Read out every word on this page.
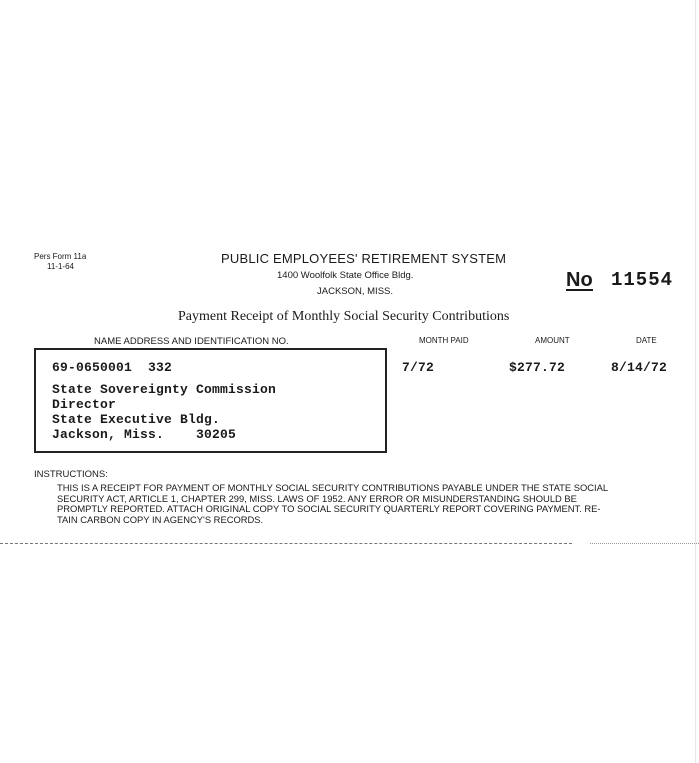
Pers Form 11a
11-1-64
PUBLIC EMPLOYEES' RETIREMENT SYSTEM
1400 Woolfolk State Office Bldg.
JACKSON, MISS.
No 11554
Payment Receipt of Monthly Social Security Contributions
NAME ADDRESS AND IDENTIFICATION NO.	MONTH PAID	AMOUNT	DATE
69-0650001 332
State Sovereignty Commission
Director
State Executive Bldg.
Jackson, Miss.    30205
7/72	$277.72	8/14/72
INSTRUCTIONS:
THIS IS A RECEIPT FOR PAYMENT OF MONTHLY SOCIAL SECURITY CONTRIBUTIONS PAYABLE UNDER THE STATE SOCIAL
SECURITY ACT, ARTICLE 1, CHAPTER 299, MISS. LAWS OF 1952. ANY ERROR OR MISUNDERSTANDING SHOULD BE
PROMPTLY REPORTED. ATTACH ORIGINAL COPY TO SOCIAL SECURITY QUARTERLY REPORT COVERING PAYMENT. RE-
TAIN CARBON COPY IN AGENCY'S RECORDS.
